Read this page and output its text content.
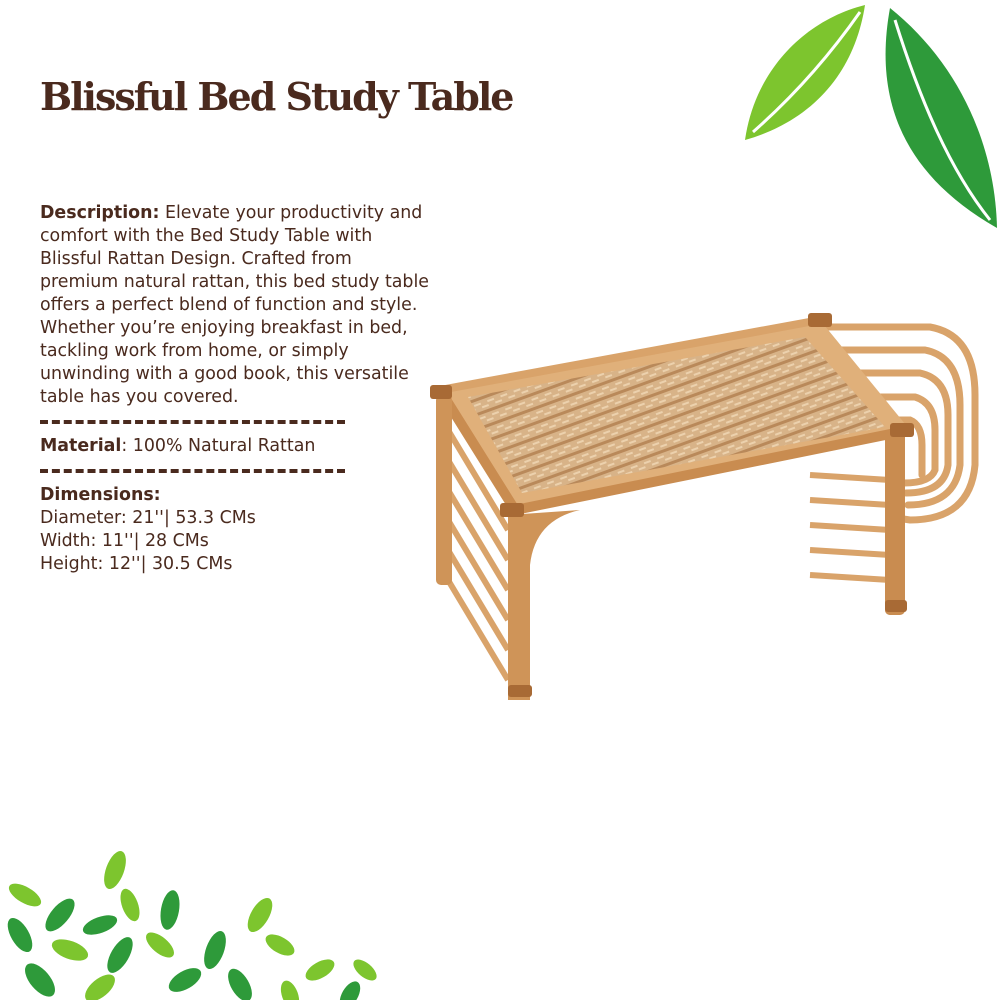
Blissful Bed Study Table

Description: Elevate your productivity and comfort with the Bed Study Table with Blissful Rattan Design. Crafted from premium natural rattan, this bed study table offers a perfect blend of function and style. Whether you’re enjoying breakfast in bed, tackling work from home, or simply unwinding with a good book, this versatile table has you covered.

Material: 100% Natural Rattan

Dimensions:
Diameter: 21''| 53.3 CMs
Width: 11''| 28 CMs
Height: 12''| 30.5 CMs
